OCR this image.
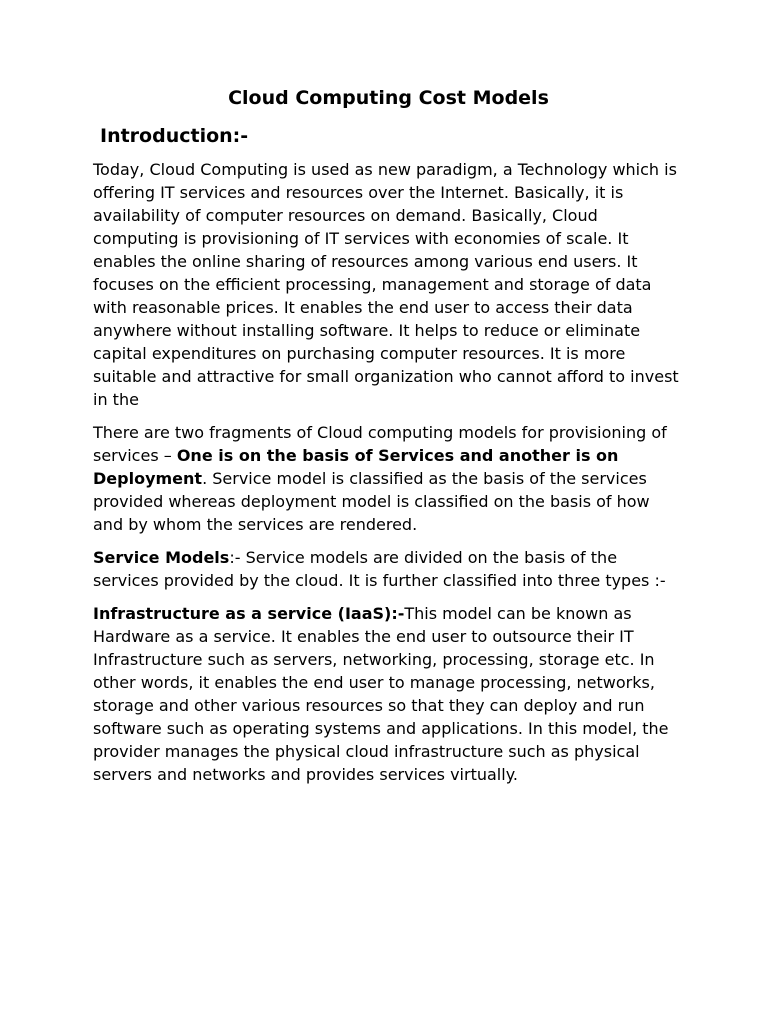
Cloud Computing Cost Models
Introduction:-

Today, Cloud Computing is used as new paradigm, a Technology which is offering IT services and resources over the Internet. Basically, it is availability of computer resources on demand. Basically, Cloud computing is provisioning of IT services with economies of scale. It enables the online sharing of resources among various end users. It focuses on the efficient processing, management and storage of data with reasonable prices. It enables the end user to access their data anywhere without installing software. It helps to reduce or eliminate capital expenditures on purchasing computer resources. It is more suitable and attractive for small organization who cannot afford to invest in the

There are two fragments of Cloud computing models for provisioning of services – One is on the basis of Services and another is on Deployment. Service model is classified as the basis of the services provided whereas deployment model is classified on the basis of how and by whom the services are rendered.

Service Models:- Service models are divided on the basis of the services provided by the cloud. It is further classified into three types :-

Infrastructure as a service (IaaS):-This model can be known as Hardware as a service. It enables the end user to outsource their IT Infrastructure such as servers, networking, processing, storage etc. In other words, it enables the end user to manage processing, networks, storage and other various resources so that they can deploy and run software such as operating systems and applications. In this model, the provider manages the physical cloud infrastructure such as physical servers and networks and provides services virtually.
